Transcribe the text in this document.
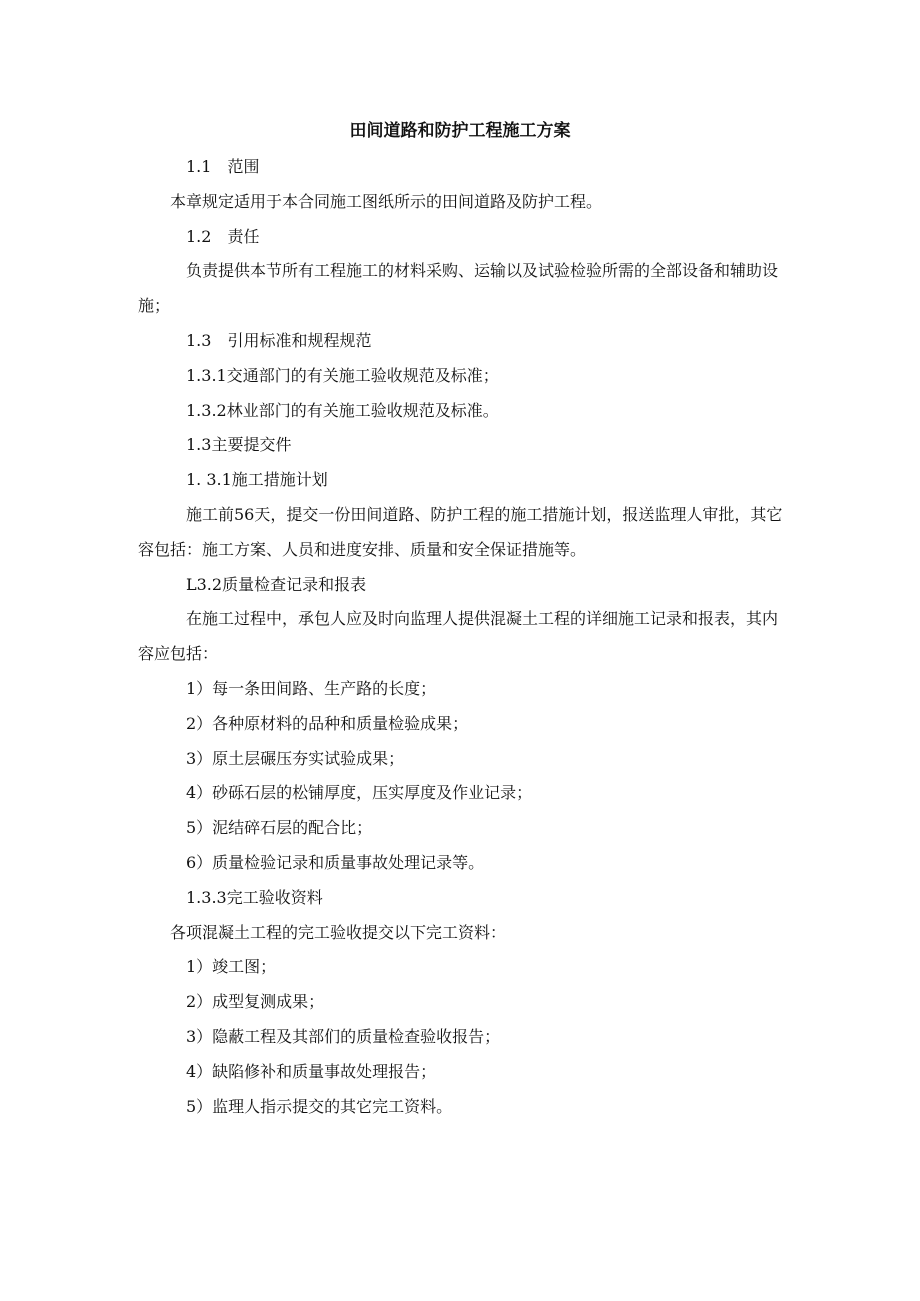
田间道路和防护工程施工方案

1.1　范围

本章规定适用于本合同施工图纸所示的田间道路及防护工程。

1.2　责任

负责提供本节所有工程施工的材料采购、运输以及试验检验所需的全部设备和辅助设施；

1.3　引用标准和规程规范

1.3.1交通部门的有关施工验收规范及标准；

1.3.2林业部门的有关施工验收规范及标准。

1.3主要提交件

1. 3.1施工措施计划

施工前56天，提交一份田间道路、防护工程的施工措施计划，报送监理人审批，其它容包括：施工方案、人员和进度安排、质量和安全保证措施等。

L3.2质量检查记录和报表

在施工过程中，承包人应及时向监理人提供混凝土工程的详细施工记录和报表，其内容应包括：

1）每一条田间路、生产路的长度；

2）各种原材料的品种和质量检验成果；

3）原土层碾压夯实试验成果；

4）砂砾石层的松铺厚度，压实厚度及作业记录；

5）泥结碎石层的配合比；

6）质量检验记录和质量事故处理记录等。

1.3.3完工验收资料

各项混凝土工程的完工验收提交以下完工资料：

1）竣工图；

2）成型复测成果；

3）隐蔽工程及其部们的质量检查验收报告；

4）缺陷修补和质量事故处理报告；

5）监理人指示提交的其它完工资料。
